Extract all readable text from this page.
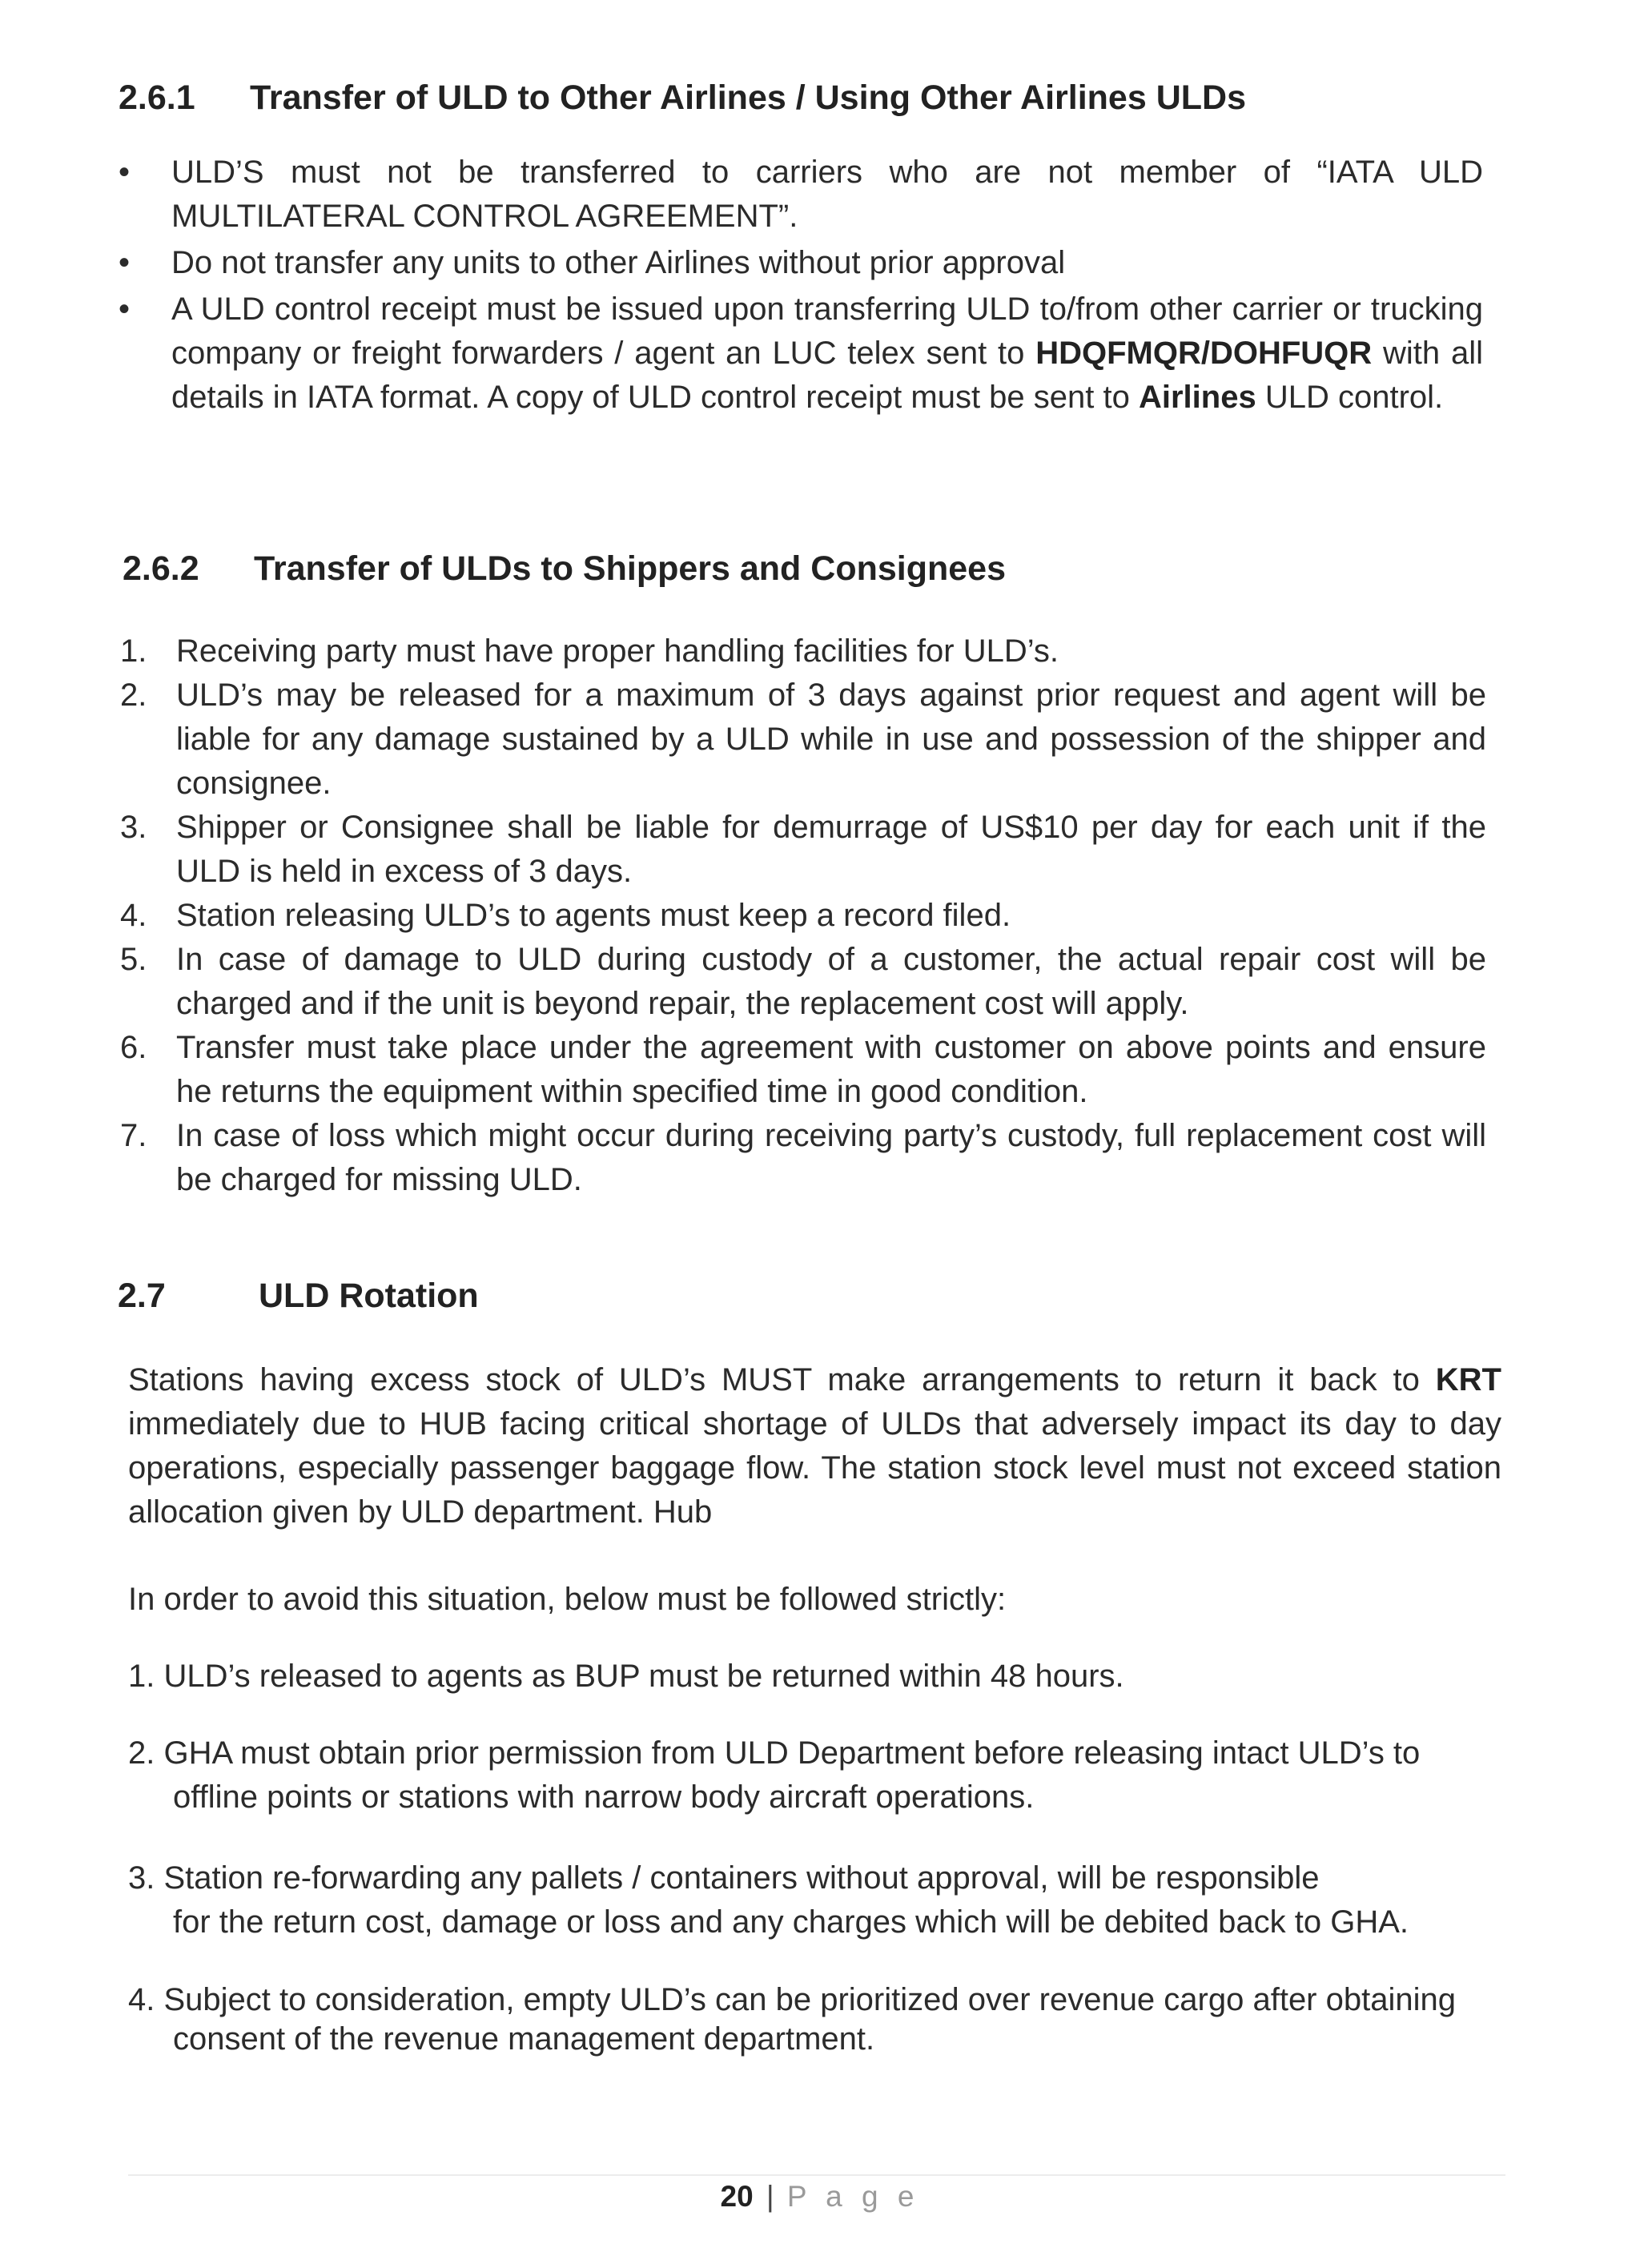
2.6.1 Transfer of ULD to Other Airlines / Using Other Airlines ULDs
• ULD’S must not be transferred to carriers who are not member of “IATA ULD MULTILATERAL CONTROL AGREEMENT”.
• Do not transfer any units to other Airlines without prior approval
• A ULD control receipt must be issued upon transferring ULD to/from other carrier or trucking company or freight forwarders / agent an LUC telex sent to HDQFMQR/DOHFUQR with all details in IATA format. A copy of ULD control receipt must be sent to Airlines ULD control.
2.6.2 Transfer of ULDs to Shippers and Consignees
1. Receiving party must have proper handling facilities for ULD’s.
2. ULD’s may be released for a maximum of 3 days against prior request and agent will be liable for any damage sustained by a ULD while in use and possession of the shipper and consignee.
3. Shipper or Consignee shall be liable for demurrage of US$10 per day for each unit if the ULD is held in excess of 3 days.
4. Station releasing ULD’s to agents must keep a record filed.
5. In case of damage to ULD during custody of a customer, the actual repair cost will be charged and if the unit is beyond repair, the replacement cost will apply.
6. Transfer must take place under the agreement with customer on above points and ensure he returns the equipment within specified time in good condition.
7. In case of loss which might occur during receiving party’s custody, full replacement cost will be charged for missing ULD.
2.7	ULD Rotation

Stations having excess stock of ULD’s MUST make arrangements to return it back to KRT immediately due to HUB facing critical shortage of ULDs that adversely impact its day to day operations, especially passenger baggage flow. The station stock level must not exceed station allocation given by ULD department. Hub

In order to avoid this situation, below must be followed strictly:

1. ULD’s released to agents as BUP must be returned within 48 hours.
2. GHA must obtain prior permission from ULD Department before releasing intact ULD’s to
offline points or stations with narrow body aircraft operations.
3. Station re-forwarding any pallets / containers without approval, will be responsible
for the return cost, damage or loss and any charges which will be debited back to GHA.
4. Subject to consideration, empty ULD’s can be prioritized over revenue cargo after obtaining
consent of the revenue management department.
20 | P a g e
